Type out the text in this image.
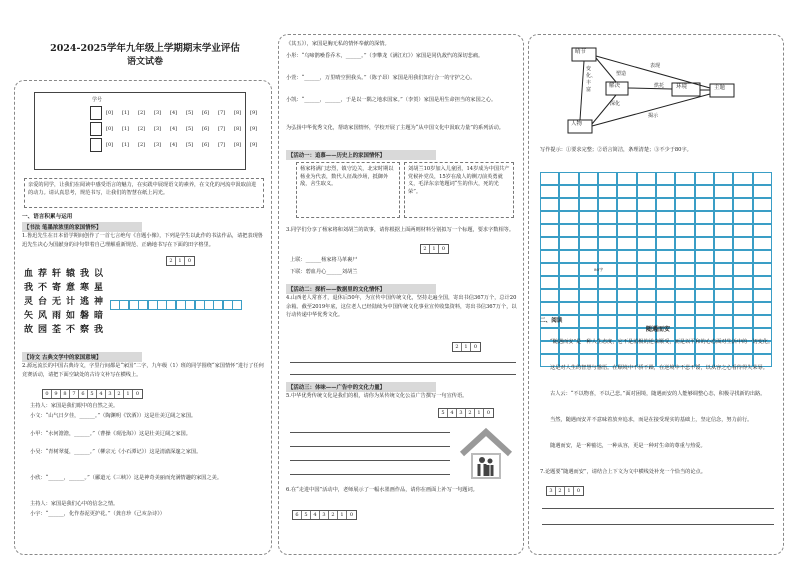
2024-2025学年九年级上学期期末学业评估
语文试卷
学号
[0]	[1]	[2]	[3]	[4]	[5]	[6]	[7]	[8]	[9]
[0]	[1]	[2]	[3]	[4]	[5]	[6]	[7]	[8]	[9]
[0]	[1]	[2]	[3]	[4]	[5]	[6]	[7]	[8]	[9]
亲爱的同学，让我们在阅读中感受语言的魅力，在实践中展现语文的素养，在文化的河流中汲取前进的动力。请认真思考，规范书写，让我们的智慧在纸上闪光。
一、语言积累与运用
【书法 笔墨浓浓里的家国情怀】
1.鲁迅先生在日本留学期间创作了一首七言绝句《自题小像》，下列是学生以此作的书法作品，请把表现鲁迅先生决心为国献身的诗句带着自己理解重新规范、正确地书写在下面的田字格里。
2	1	0
血 荐 轩 辕 我 以
我 不 寄 意 寒 星
灵 台 无 计 逃 神
矢 风 雨 如 磐 暗
故 园 荃 不 察 我
【诗文 古典文学中的家国意境】
2.源远流长的中国古典诗文，字里行间都是“家国”二字，九年级（1）班的同学围绕“家国情怀”进行了任何竞赛活动，请把下面空缺处的古诗文补写在横线上。
0	9	8	7	6	5	4	3	2	1	0
主持人：家国是我们眼中的自然之美。
小文：“山气日夕佳，______。”（陶渊明《饮酒》）这是壮美辽阔之家国。
小甲：“水何澹澹，______。”（曹操《观沧海》）这是壮美辽阔之家国。
小吴：“青树翠蔓，______。”（柳宗元《小石潭记》）这是清澈深邃之家国。
小欣：“______，______。”（郦道元《三峡》）这是神奇美丽而充满情趣的家国之美。
主持人：家国是我们心中的信念之情。
小宇：“______，化作春泥更护花。”（龚自珍《己亥杂诗》）
《其五》），家国是胸无私的情怀奉献的深情。
小彤：“乌啼鹊噪昏乔木，______。”（李攀龙《满江红》）家国是同仇敌忾的深切悲痛。
小萱：“______，万里晴空照我头。”（陈子昂）家国是用我们知行合一的守护之心。
小凯：“______，______，于是以一隅之地求国家。”（李贺）家国是用生命担当的家国之心。
为弘扬中华优秀文化，帮助家国情怀，学校开展了主题为“从中国文化中汲取力量”的系列活动。
【活动一：追慕——历史上的家国情怀】
杨家将满门忠烈，镇守边关，北宋时期以杨业为代表，数代人征战沙场，抵御外敌，舍生取义。
刘胡兰10岁加入儿童团，14岁成为中国共产党候补党员，15岁在敌人的铡刀前英勇就义，毛泽东亲笔题词“生的伟大，死的光荣”。
3.同学们分享了杨家将和刘胡兰的故事，请你根据上面两则材料分别拟写一个标题，要求字数相等。
2	1	0
上联：______杨家将马革裹尸
下联：碧血丹心______刘胡兰
【活动二：探析——数据里的文化情怀】
4.山西老人常喜才，退休后50年，为宣传中国传统文化，坚持走遍全国，寄出书信367万个，总计20余箱。截至2019年底，这位老人已经陆续为中国传统文化事业宣传收集资料，寄出书信367万个，以行动传递中华优秀文化。
2	1	0
【活动三：体味——广告中的文化力量】
5.中华优秀传统文化是我们的根，请你为某传统文化公益广告撰写一句宣传语。
5	4	3	2	1	0
6.在“走进中国”活动中，老师展示了一幅水墨画作品，请你在画面上补写一句题词。
6	5	4	3	2	1	0
晴节
人物
解决	环境	主题
变化、丰富
表现
塑造
烘托
深化
揭示
写作提示：①要求完整；②语言简洁，条理清楚；③不少于80字。
80字
二、阅读
随遇而安
“随遇而安”是一种人生态度，它不是消极的逆来顺受，而是以平和的心态面对生活中的一切变化。
这是对人生的智慧与感悟。在顺境中不骄不躁，在逆境中不悲不馁，以从容之心看待得失荣辱。
古人云：“不以物喜，不以己悲。”面对困境，随遇而安的人能够调整心态，积极寻找新的出路。
当然，随遇而安并不意味着放弃追求，而是在接受现实的基础上，坚定信念，努力前行。
随遇而安，是一种豁达，一种从容，更是一种对生命的尊重与热爱。
7.论题要“随遇而安”，请结合上下文为文中横线处补充一个恰当的论点。
3	2	1	0
